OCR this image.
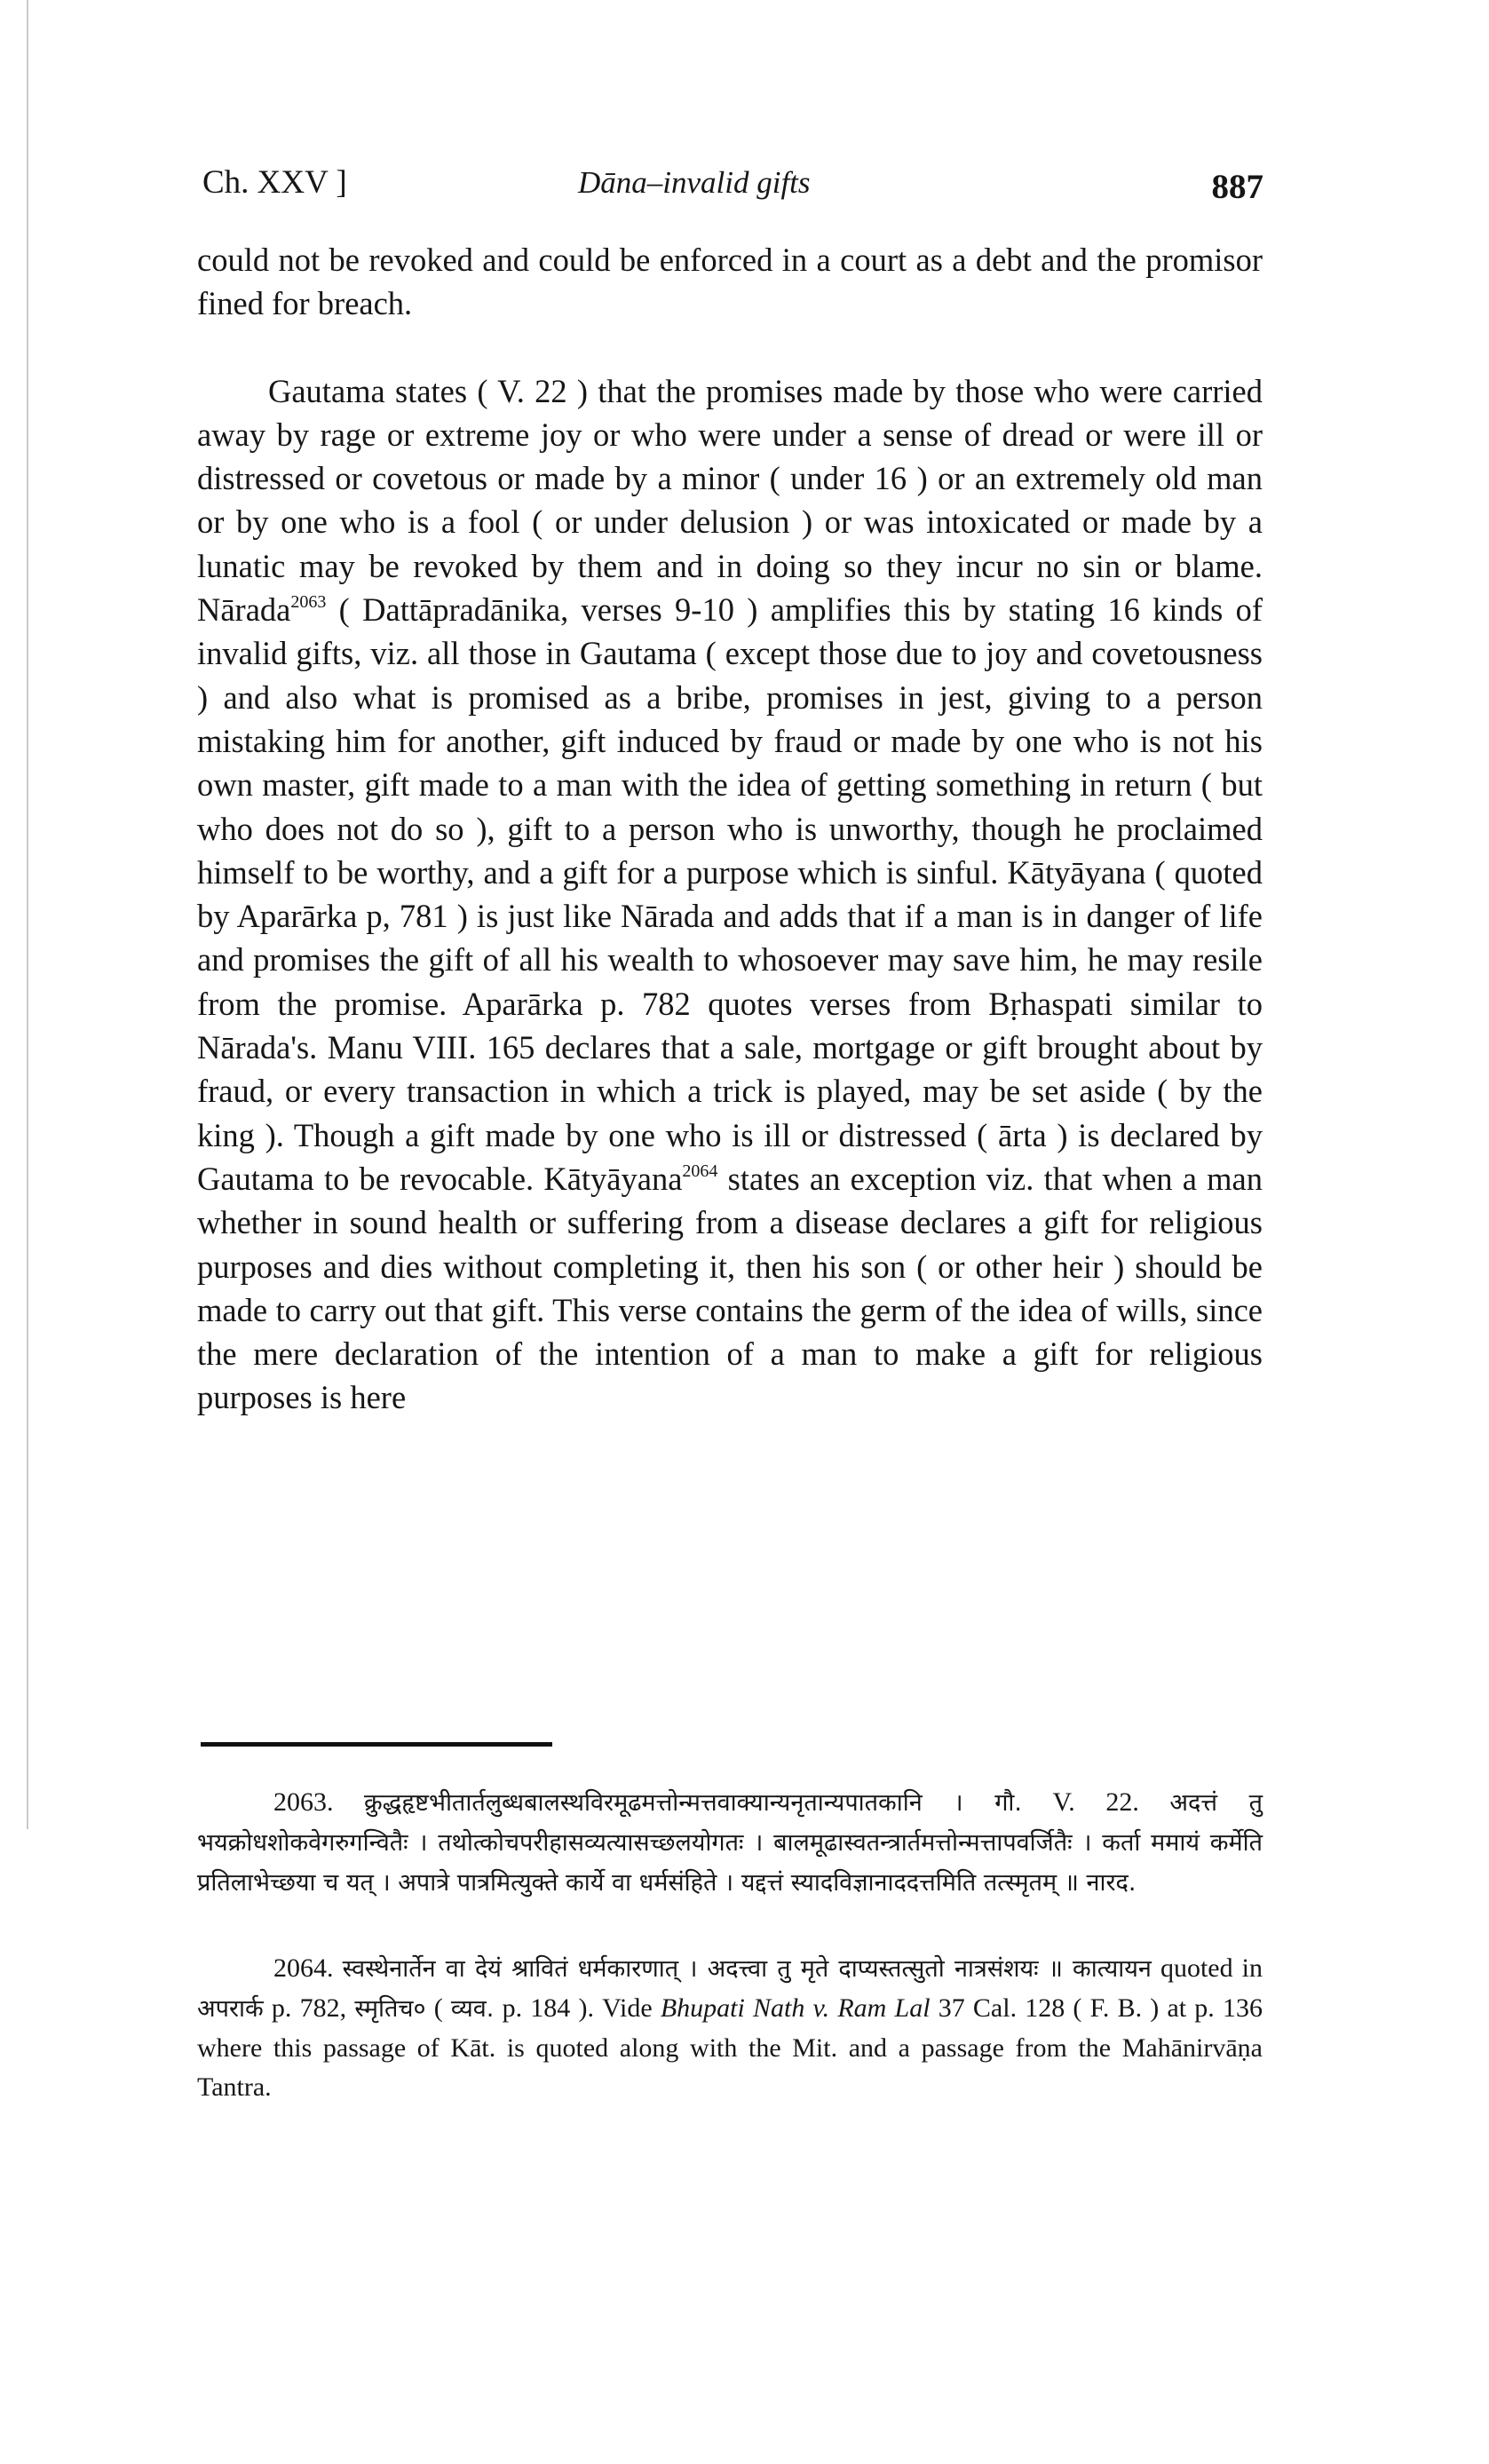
Ch. XXV ]	Dāna–invalid gifts	887

could not be revoked and could be enforced in a court as a debt and the promisor fined for breach.

Gautama states ( V. 22 ) that the promises made by those who were carried away by rage or extreme joy or who were under a sense of dread or were ill or distressed or covetous or made by a minor ( under 16 ) or an extremely old man or by one who is a fool ( or under delusion ) or was intoxicated or made by a lunatic may be revoked by them and in doing so they incur no sin or blame. Nārada$^{2063}$ ( Dattāpradānika, verses 9-10 ) amplifies this by stating 16 kinds of invalid gifts, viz. all those in Gautama ( except those due to joy and covetousness ) and also what is promised as a bribe, promises in jest, giving to a person mistaking him for another, gift induced by fraud or made by one who is not his own master, gift made to a man with the idea of getting something in return ( but who does not do so ), gift to a person who is unworthy, though he proclaimed himself to be worthy, and a gift for a purpose which is sinful. Kātyāyana ( quoted by Aparārka p, 781 ) is just like Nārada and adds that if a man is in danger of life and promises the gift of all his wealth to whosoever may save him, he may resile from the promise. Aparārka p. 782 quotes verses from Bṛhaspati similar to Nārada's. Manu VIII. 165 declares that a sale, mortgage or gift brought about by fraud, or every transaction in which a trick is played, may be set aside ( by the king ). Though a gift made by one who is ill or distressed ( ārta ) is declared by Gautama to be revocable. Kātyāyana$^{2064}$ states an exception viz. that when a man whether in sound health or suffering from a disease declares a gift for religious purposes and dies without completing it, then his son ( or other heir ) should be made to carry out that gift. This verse contains the germ of the idea of wills, since the mere declaration of the intention of a man to make a gift for religious purposes is here

2063. क्रुद्धहृष्टभीतार्तलुब्धबालस्थविरमूढमत्तोन्मत्तवाक्यान्यनृतान्यपातकानि । गौ. V. 22. अदत्तं तु भयक्रोधशोकवेगरुगन्वितैः । तथोत्कोचपरीहासव्यत्यासच्छलयोगतः । बालमूढास्वतन्त्रार्तमत्तोन्मत्तापवर्जितैः । कर्ता ममायं कर्मेति प्रतिलाभेच्छया च यत् । अपात्रे पात्रमित्युक्ते कार्ये वा धर्मसंहिते । यद्दत्तं स्यादविज्ञानाददत्तमिति तत्स्मृतम् ॥ नारद.

2064. स्वस्थेनार्तेन वा देयं श्रावितं धर्मकारणात् । अदत्त्वा तु मृते दाप्यस्तत्सुतो नात्रसंशयः ॥ कात्यायन quoted in अपरार्क p. 782, स्मृतिच० ( व्यव. p. 184 ). Vide Bhupati Nath v. Ram Lal 37 Cal. 128 ( F. B. ) at p. 136 where this passage of Kāt. is quoted along with the Mit. and a passage from the Mahānirvāṇa Tantra.
